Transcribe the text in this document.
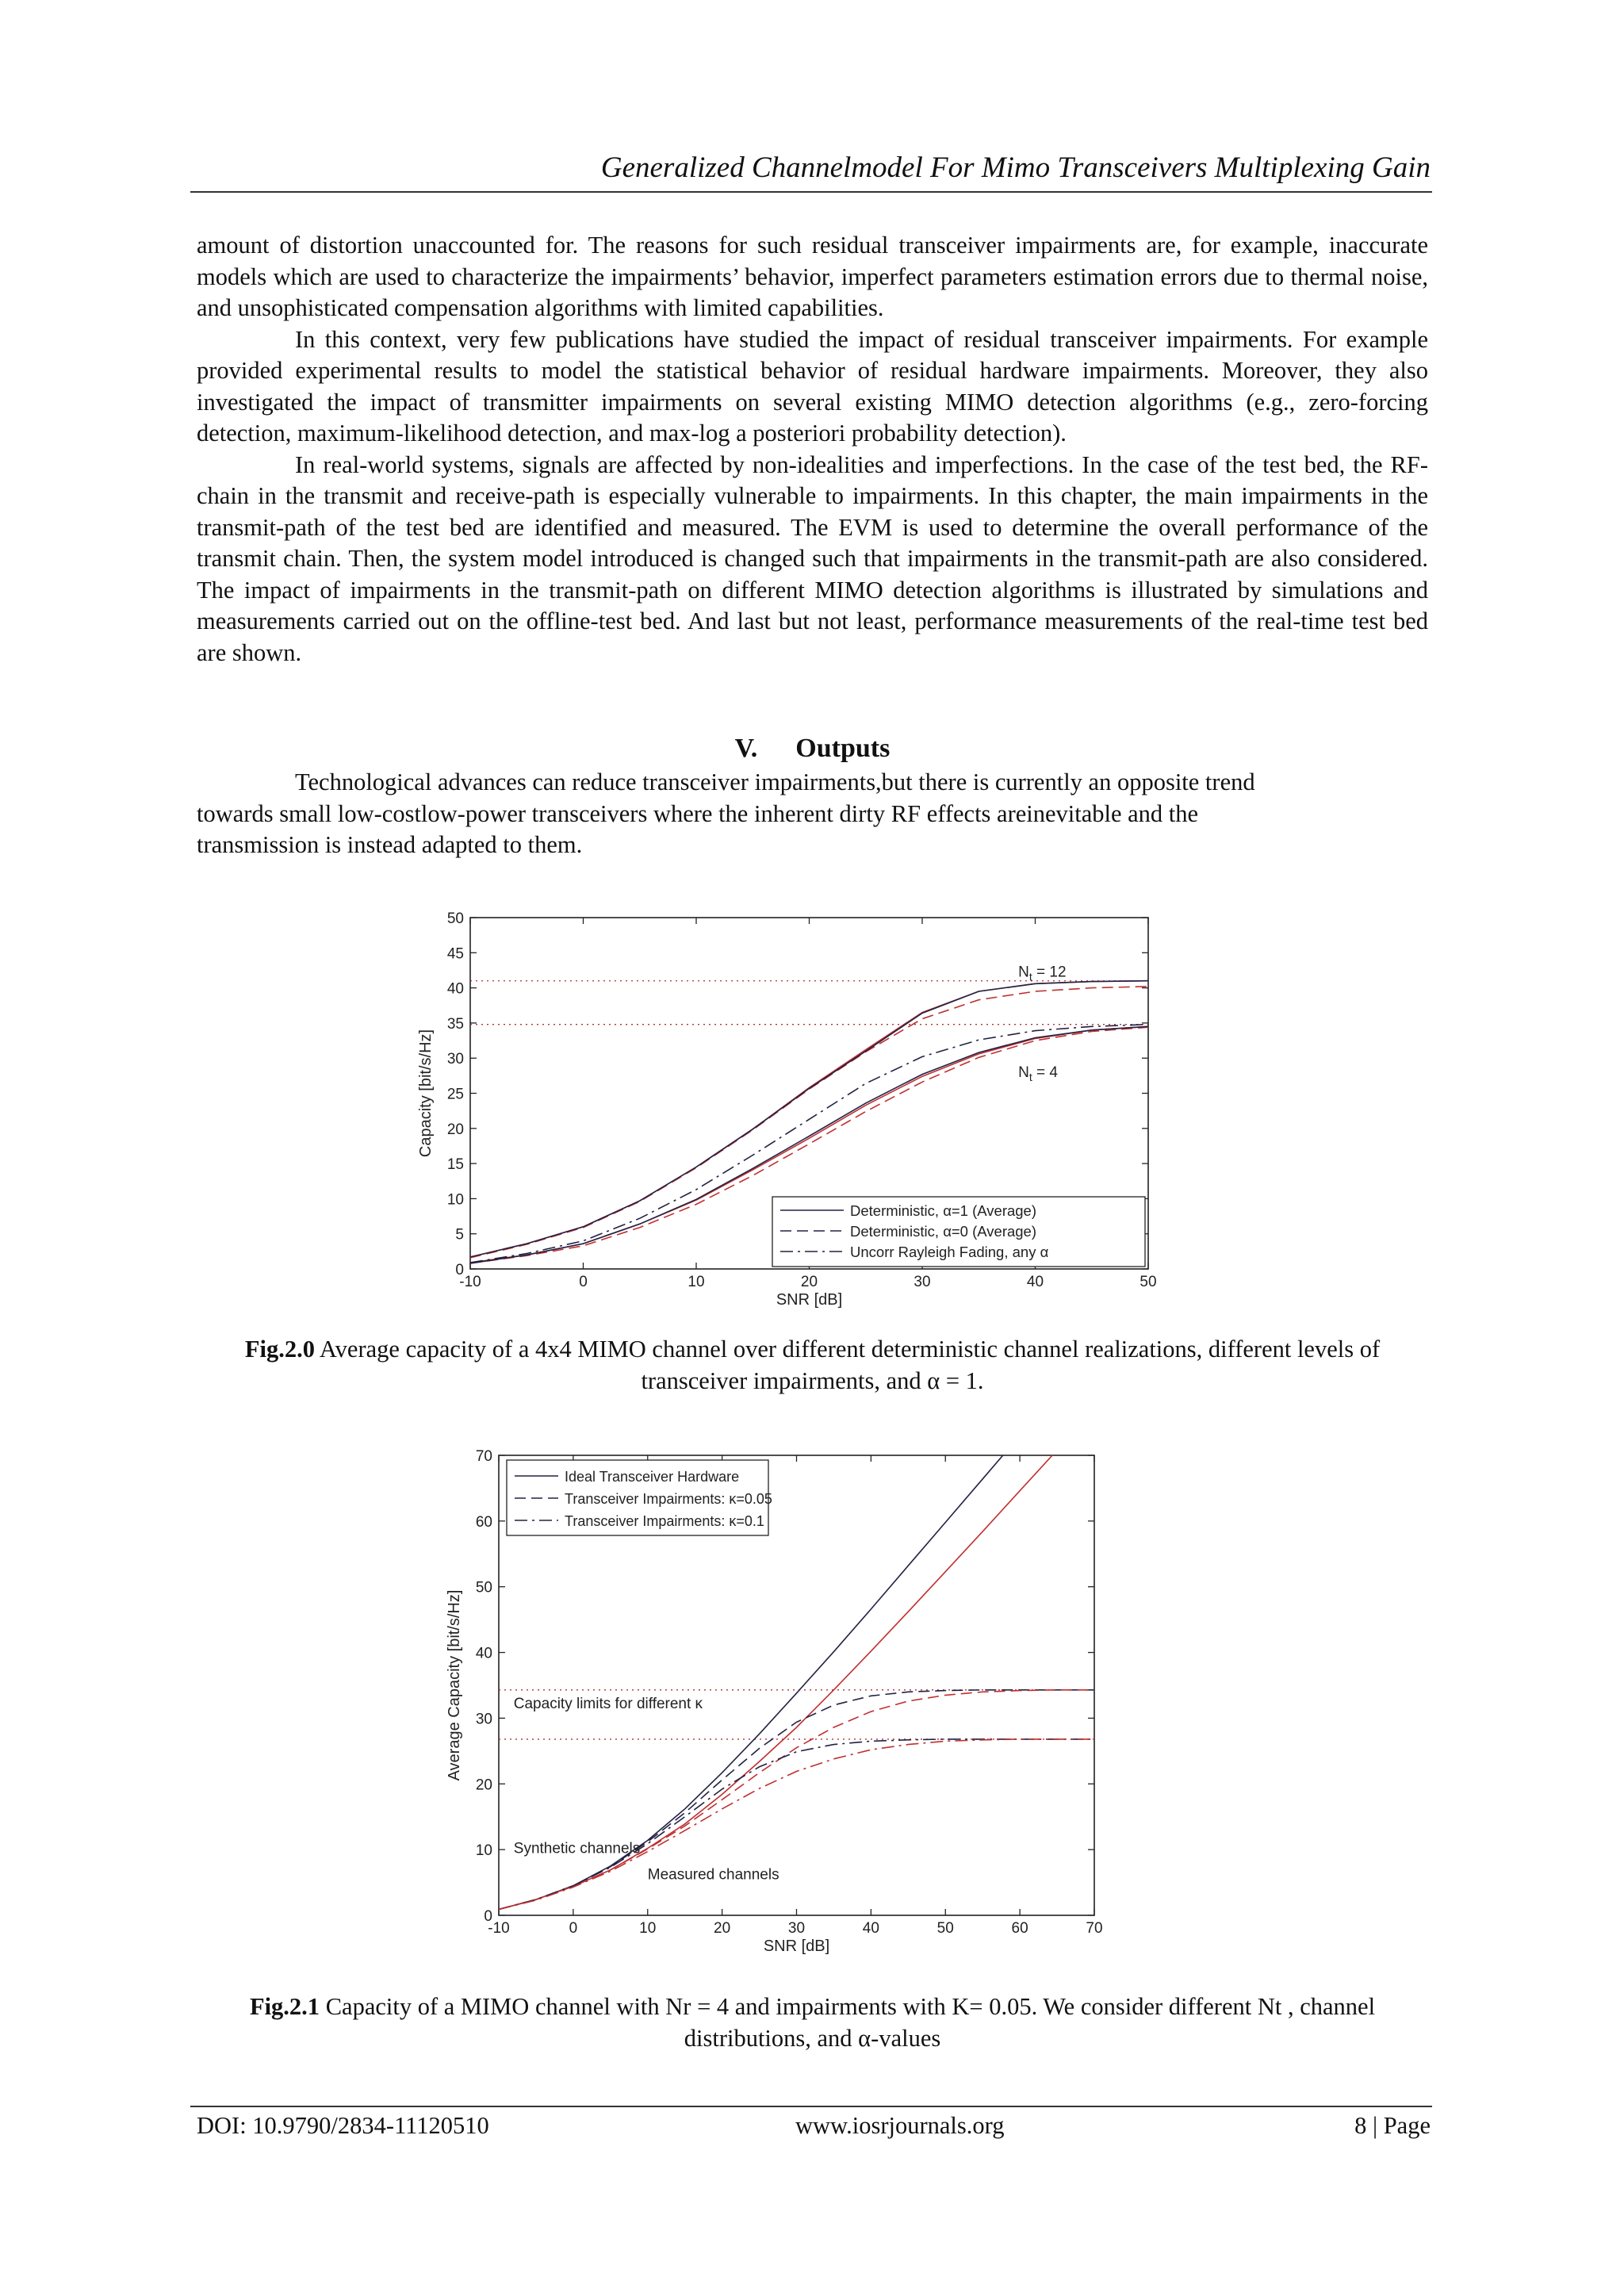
Generalized Channelmodel For Mimo Transceivers Multiplexing Gain

amount of distortion unaccounted for. The reasons for such residual transceiver impairments are, for example, inaccurate models which are used to characterize the impairments’ behavior, imperfect parameters estimation errors due to thermal noise, and unsophisticated compensation algorithms with limited capabilities.

In this context, very few publications have studied the impact of residual transceiver impairments. For example provided experimental results to model the statistical behavior of residual hardware impairments. Moreover, they also investigated the impact of transmitter impairments on several existing MIMO detection algorithms (e.g., zero-forcing detection, maximum-likelihood detection, and max-log a posteriori probability detection).

In real-world systems, signals are affected by non-idealities and imperfections. In the case of the test bed, the RF-chain in the transmit and receive-path is especially vulnerable to impairments. In this chapter, the main impairments in the transmit-path of the test bed are identified and measured. The EVM is used to determine the overall performance of the transmit chain. Then, the system model introduced is changed such that impairments in the transmit-path are also considered. The impact of impairments in the transmit-path on different MIMO detection algorithms is illustrated by simulations and measurements carried out on the offline-test bed. And last but not least, performance measurements of the real-time test bed are shown.

V. Outputs

Technological advances can reduce transceiver impairments,but there is currently an opposite trend

towards small low-costlow-power transceivers where the inherent dirty RF effects areinevitable and the

transmission is instead adapted to them.

-10	0	10	20	30	40	50
0
5
10
15
20
25
30
35
40
45
50
SNR [dB]
Capacity [bit/s/Hz]
Deterministic, α=1 (Average)
Deterministic, α=0 (Average)
Uncorr Rayleigh Fading, any α
$N_t = 12$
$N_t = 4$
Fig.2.0 Average capacity of a 4x4 MIMO channel over different deterministic channel realizations, different levels of transceiver impairments, and α = 1.
-10	0	10	20	30	40	50	60	70
0
10
20
30
40
50
60
70
SNR [dB]
Average Capacity [bit/s/Hz]
Ideal Transceiver Hardware
Transceiver Impairments: κ=0.05
Transceiver Impairments: κ=0.1
Capacity limits for different κ
Synthetic channels
Measured channels
Fig.2.1 Capacity of a MIMO channel with Nr = 4 and impairments with K= 0.05. We consider different Nt , channel distributions, and α-values
DOI: 10.9790/2834-11120510	www.iosrjournals.org	8 | Page
